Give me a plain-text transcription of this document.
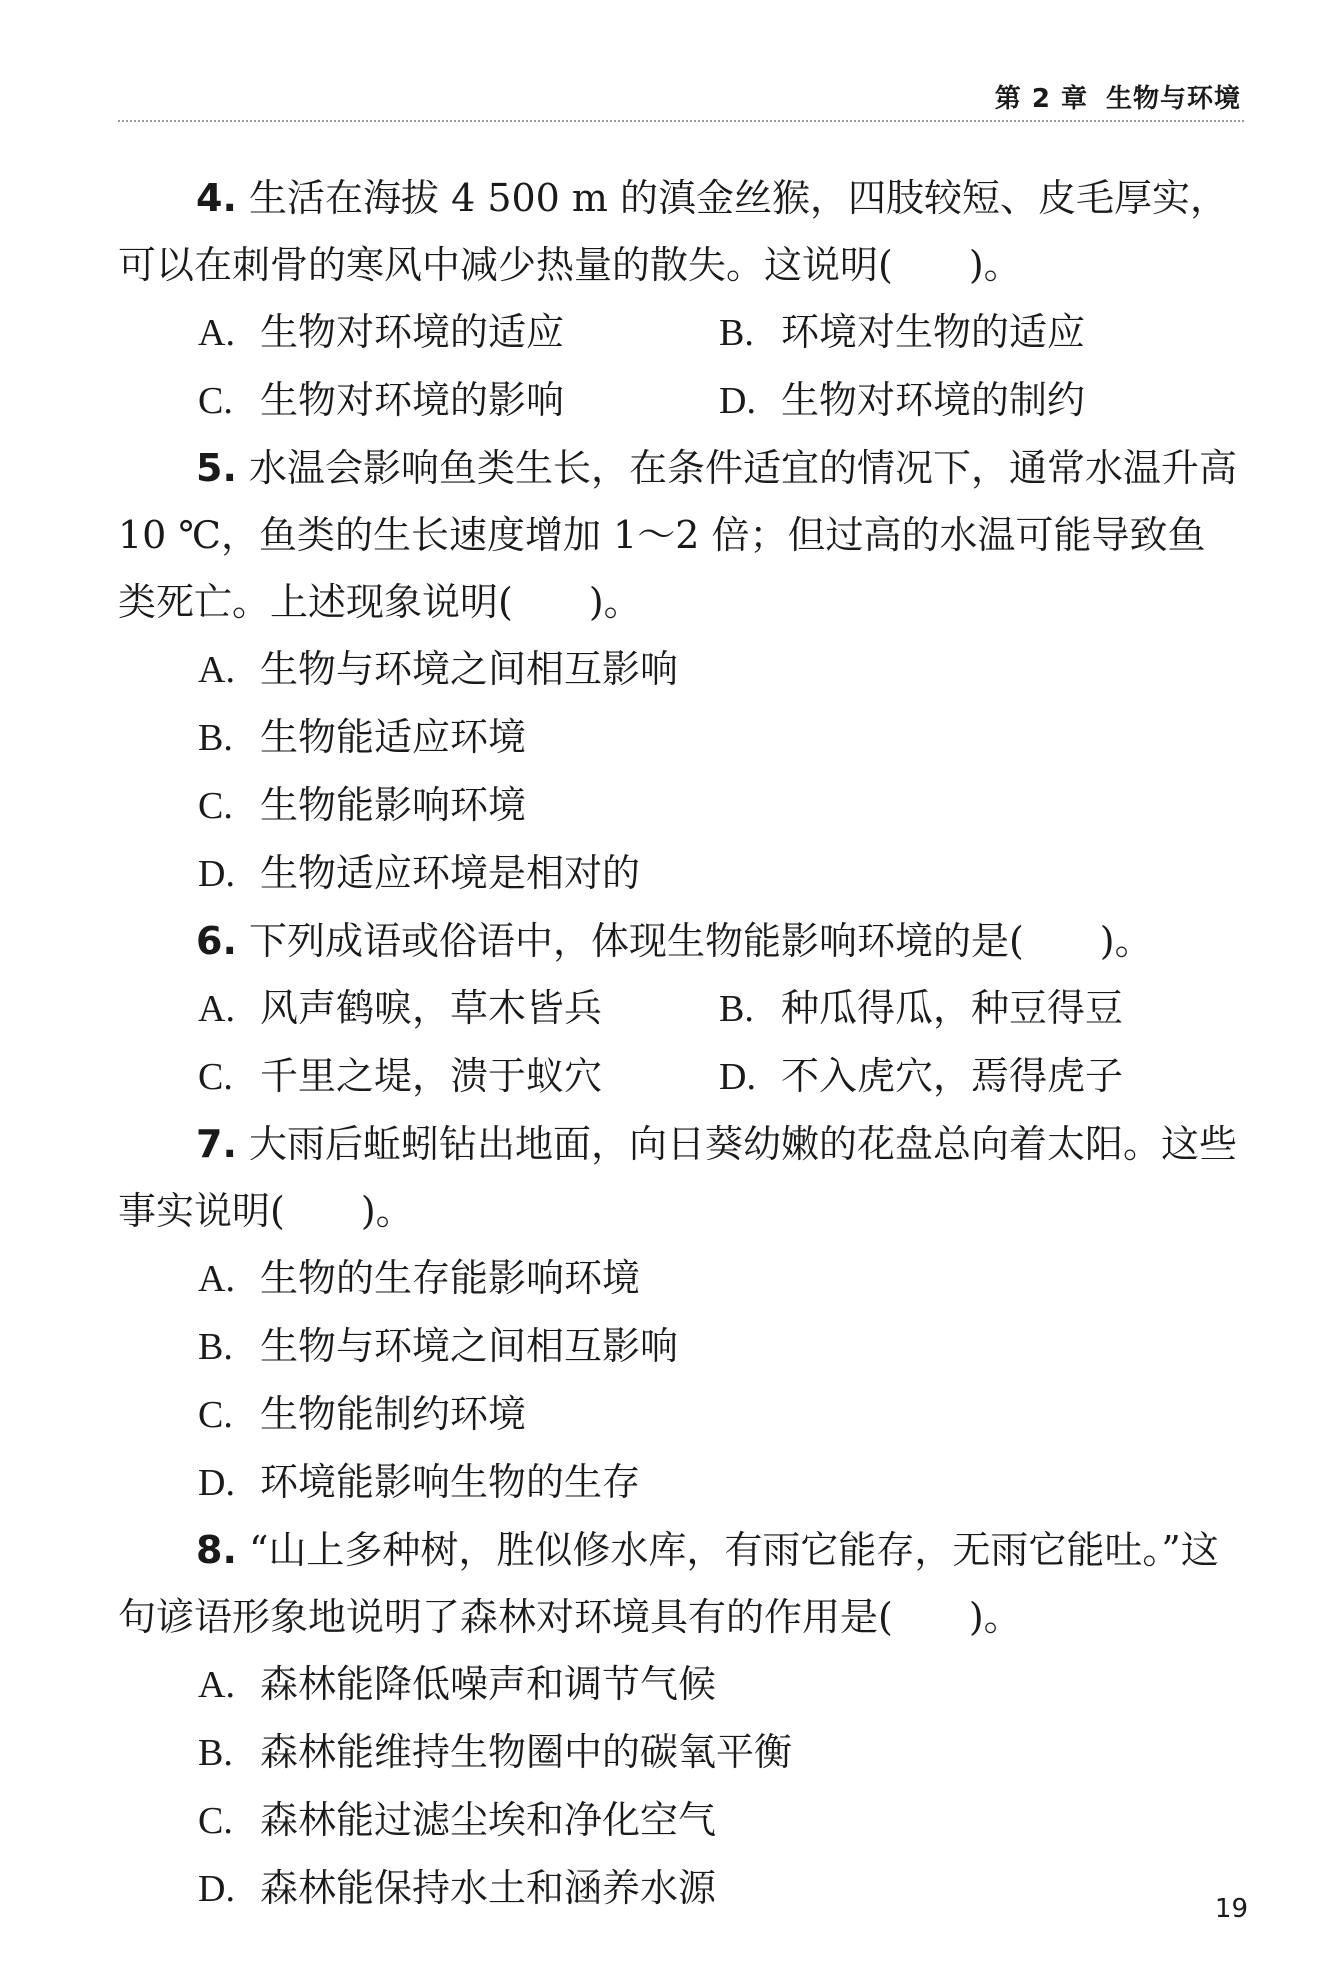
第 2 章 生物与环境

4. 生活在海拔 4 500 m 的滇金丝猴，四肢较短、皮毛厚实，可以在刺骨的寒风中减少热量的散失。这说明(　　)。

A. 生物对环境的适应	B. 环境对生物的适应
C. 生物对环境的影响	D. 生物对环境的制约

5. 水温会影响鱼类生长，在条件适宜的情况下，通常水温升高 10 ℃，鱼类的生长速度增加 1～2 倍；但过高的水温可能导致鱼类死亡。上述现象说明(　　)。

A. 生物与环境之间相互影响

B. 生物能适应环境

C. 生物能影响环境

D. 生物适应环境是相对的

6. 下列成语或俗语中，体现生物能影响环境的是(　　)。

A. 风声鹤唳，草木皆兵	B. 种瓜得瓜，种豆得豆
C. 千里之堤，溃于蚁穴	D. 不入虎穴，焉得虎子

7. 大雨后蚯蚓钻出地面，向日葵幼嫩的花盘总向着太阳。这些事实说明(　　)。

A. 生物的生存能影响环境

B. 生物与环境之间相互影响

C. 生物能制约环境

D. 环境能影响生物的生存

8. “山上多种树，胜似修水库，有雨它能存，无雨它能吐。”这句谚语形象地说明了森林对环境具有的作用是(　　)。

A. 森林能降低噪声和调节气候

B. 森林能维持生物圈中的碳氧平衡

C. 森林能过滤尘埃和净化空气

D. 森林能保持水土和涵养水源	19
